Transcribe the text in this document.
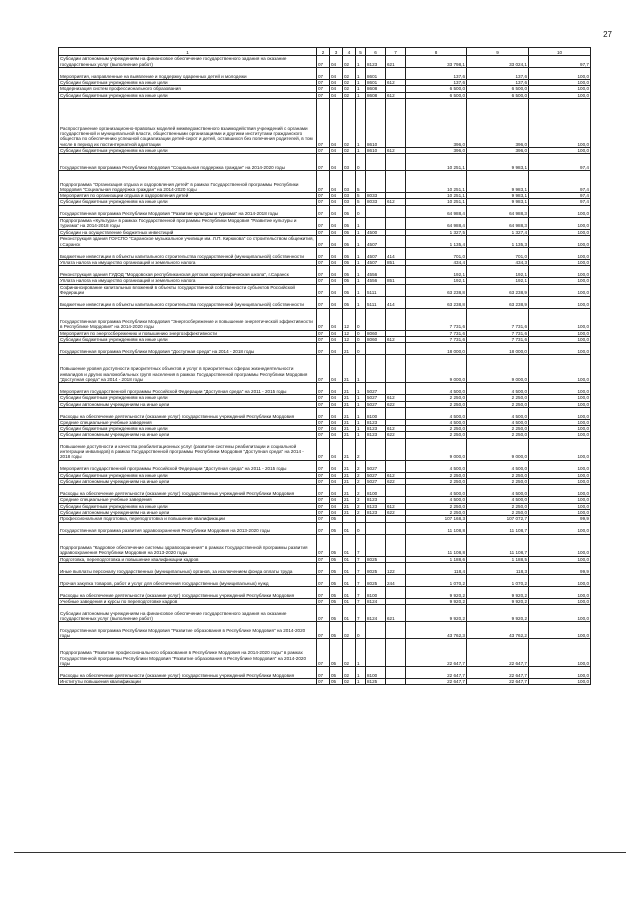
27
1	2	3	4	5	6	7	8	9	10
Субсидии автономным учреждениям на финансовое обеспечение государственного задания на оказание государственных услуг (выполнение работ)	07	04	02	1	8123	621	33 798,1	33 024,1	97,7
Мероприятия, направленные на выявление и поддержку одаренных детей и молодежи	07	04	02	1	8601		137,6	137,6	100,0
Субсидии бюджетным учреждениям на иные цели	07	04	02	1	8601	612	137,6	137,6	100,0
Модернизация систем профессионального образования	07	04	02	1	8608		6 500,0	6 500,0	100,0
Субсидии бюджетным учреждениям на иные цели	07	04	02	1	8608	612	6 500,0	6 500,0	100,0
Распространение организационно-правовых моделей межведомственного взаимодействия учреждений с органами государственной и муниципальной власти, общественными организациями и другими институтами гражданского общества по обеспечению успешной социализации детей-сирот и детей, оставшихся без попечения родителей, в том числе в период их постинтернатной адаптации	07	04	02	1	8610		396,0	396,0	100,0
Субсидии бюджетным учреждениям на иные цели	07	04	02	1	8610	612	396,0	396,0	100,0
Государственная программа Республики Мордовия "Социальная поддержка граждан" на 2014-2020 годы	07	04	03	0			10 251,1	9 983,1	97,4
Подпрограмма "Организация отдыха и оздоровления детей" в рамках Государственной программы Республики Мордовия "Социальная поддержка граждан" на 2014-2020 годы	07	04	03	5			10 251,1	9 983,1	97,4
Мероприятия по организации отдыха и оздоровления детей	07	04	03	5	8033		10 251,1	9 983,1	97,4
Субсидии бюджетным учреждениям на иные цели	07	04	03	5	8033	612	10 251,1	9 983,1	97,4
Государственная программа Республики Мордовия "Развитие культуры и туризма" на 2014-2018 годы	07	04	05	0			64 988,4	64 988,3	100,0
Подпрограмма «Культура» в рамках Государственной программы Республики Мордовия "Развитие культуры и туризма" на 2014-2018 годы	07	04	05	1			64 988,4	64 988,3	100,0
Субсидии на осуществление бюджетных инвестиций	07	04	05	1	4500		1 327,5	1 327,4	100,0
Реконструкция здания ГОУСПО "Саранское музыкальное училище им. Л.П. Кирюкова" со строительством общежития, г.Саранск	07	04	05	1	4507		1 135,4	1 135,3	100,0
Бюджетные инвестиции в объекты капитального строительства государственной (муниципальной) собственности	07	04	05	1	4507	414	701,0	701,0	100,0
Уплата налога на имущество организаций и земельного налога	07	04	05	1	4507	851	434,4	434,3	100,0
Реконструкция здания ГУДОД "Мордовская республиканская детская хореографическая школа", г.Саранск	07	04	05	1	4556		192,1	192,1	100,0
Уплата налога на имущество организаций и земельного налога	07	04	05	1	4556	851	192,1	192,1	100,0
Софинансирование капитальных вложений в объекты государственной собственности субъектов Российской Федерации	07	04	05	1	5111		63 238,8	63 238,9	100,0
Бюджетные инвестиции в объекты капитального строительства государственной (муниципальной) собственности	07	04	05	1	5111	414	63 238,8	63 238,9	100,0
Государственная программа Республики Мордовия "Энергосбережение и повышение энергетической эффективности в Республике Мордовия" на 2014-2020 годы	07	04	12	0			7 731,6	7 731,6	100,0
Мероприятия по энергосбережению и повышению энергоэффективности	07	04	12	0	8060		7 731,6	7 731,6	100,0
Субсидии бюджетным учреждениям на иные цели	07	04	12	0	8060	612	7 731,6	7 731,6	100,0
Государственная программа Республики Мордовия "Доступная среда" на 2014 - 2018 годы	07	04	21	0			18 000,0	18 000,0	100,0
Повышение уровня доступности приоритетных объектов и услуг в приоритетных сферах жизнедеятельности инвалидов и других маломобильных групп населения в рамках Государственной программы Республики Мордовия "Доступная среда" на 2014 - 2018 годы	07	04	21	1			9 000,0	9 000,0	100,0
Мероприятия государственной программы Российской Федерации "Доступная среда" на 2011 - 2015 годы	07	04	21	1	5027		4 500,0	4 500,0	100,0
Субсидии бюджетным учреждениям на иные цели	07	04	21	1	5027	612	2 250,0	2 250,0	100,0
Субсидии автономным учреждениям на иные цели	07	04	21	1	5027	622	2 250,0	2 250,0	100,0
Расходы на обеспечение деятельности (оказание услуг) государственных учреждений Республики Мордовия	07	04	21	1	8100		4 500,0	4 500,0	100,0
Средние специальные учебные заведения	07	04	21	1	8123		4 500,0	4 500,0	100,0
Субсидии бюджетным учреждениям на иные цели	07	04	21	1	8123	612	2 250,0	2 250,0	100,0
Субсидии автономным учреждениям на иные цели	07	04	21	1	8123	622	2 250,0	2 250,0	100,0
Повышение доступности и качества реабилитационных услуг (развитие системы реабилитации и социальной интеграции инвалидов) в рамках Государственной программы Республики Мордовия "Доступная среда" на 2014 - 2018 годы	07	04	21	2			9 000,0	9 000,0	100,0
Мероприятия государственной программы Российской Федерации "Доступная среда" на 2011 - 2015 годы	07	04	21	2	5027		4 500,0	4 500,0	100,0
Субсидии бюджетным учреждениям на иные цели	07	04	21	2	5027	612	2 250,0	2 250,0	100,0
Субсидии автономным учреждениям на иные цели	07	04	21	2	5027	622	2 250,0	2 250,0	100,0
Расходы на обеспечение деятельности (оказание услуг) государственных учреждений Республики Мордовия	07	04	21	2	8100		4 500,0	4 500,0	100,0
Средние специальные учебные заведения	07	04	21	2	8123		4 500,0	4 500,0	100,0
Субсидии бюджетным учреждениям на иные цели	07	04	21	2	8123	612	2 250,0	2 250,0	100,0
Субсидии автономным учреждениям на иные цели	07	04	21	2	8123	622	2 250,0	2 250,0	100,0
Профессиональная подготовка, переподготовка и повышение квалификации	07	05					107 168,3	107 072,7	99,9
Государственная программа развития здравоохранения Республики Мордовия на 2013-2020 годы	07	05	01	0			11 108,8	11 108,7	100,0
Подпрограмма "Кадровое обеспечение системы здравоохранения" в рамках Государственной программы развития здравоохранения Республики Мордовия на 2013-2020 годы	07	05	01	7			11 108,8	11 108,7	100,0
Подготовка, переподготовка и повышение квалификации кадров	07	05	01	7	8025		1 188,6	1 188,5	100,0
Иные выплаты персоналу государственных (муниципальных) органов, за исключением фонда оплаты труда	07	05	01	7	8025	122	118,4	118,3	99,9
Прочая закупка товаров, работ и услуг для обеспечения государственных (муниципальных) нужд	07	05	01	7	8025	244	1 070,2	1 070,2	100,0
Расходы на обеспечение деятельности (оказание услуг) государственных учреждений Республики Мордовия	07	05	01	7	8100		9 920,2	9 920,2	100,0
Учебные заведения и курсы по переподготовке кадров	07	05	01	7	8124		9 920,2	9 920,2	100,0
Субсидии автономным учреждениям на финансовое обеспечение государственного задания на оказание государственных услуг (выполнение работ)	07	05	01	7	8124	621	9 920,2	9 920,2	100,0
Государственная программа Республики Мордовия "Развитие образования в Республике Мордовия" на 2014-2020 годы	07	05	02	0			43 762,3	43 762,2	100,0
Подпрограмма "Развитие профессионального образования в Республике Мордовия на 2014-2020 годы" в рамках Государственной программы Республики Мордовия "Развитие образования в Республике Мордовия" на 2014-2020 годы	07	05	02	1			22 647,7	22 647,7	100,0
Расходы на обеспечение деятельности (оказание услуг) государственных учреждений Республики Мордовия	07	05	02	1	8100		22 647,7	22 647,7	100,0
Институты повышения квалификации	07	05	02	1	8125		22 647,7	22 647,7	100,0
